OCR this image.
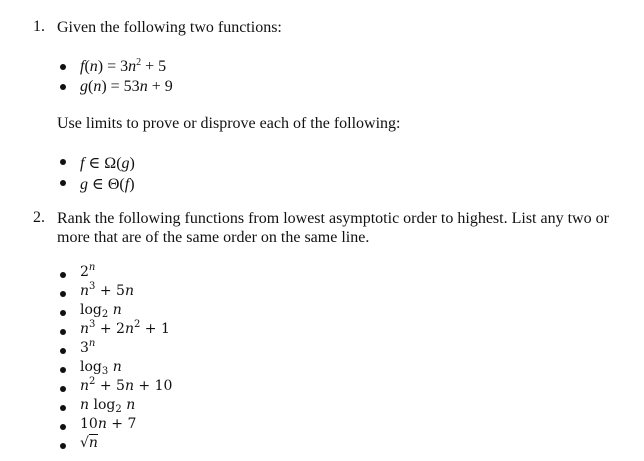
1. Given the following two functions:
$f(n) = 3n^2 + 5$
g(n) = 53n + 9
Use limits to prove or disprove each of the following:
f ∈ Ω(g)
g ∈ Θ(f)
2. Rank the following functions from lowest asymptotic order to highest. List any two or more that are of the same order on the same line.
2$^n$
$n^3 + 5n$
$\log_2 n$
$n^3 + 2n^2 + 1$
3$^n$
$\log_3 n$
$n^2 + 5n + 10$
n $\log_2 n$
10n + 7
√n
